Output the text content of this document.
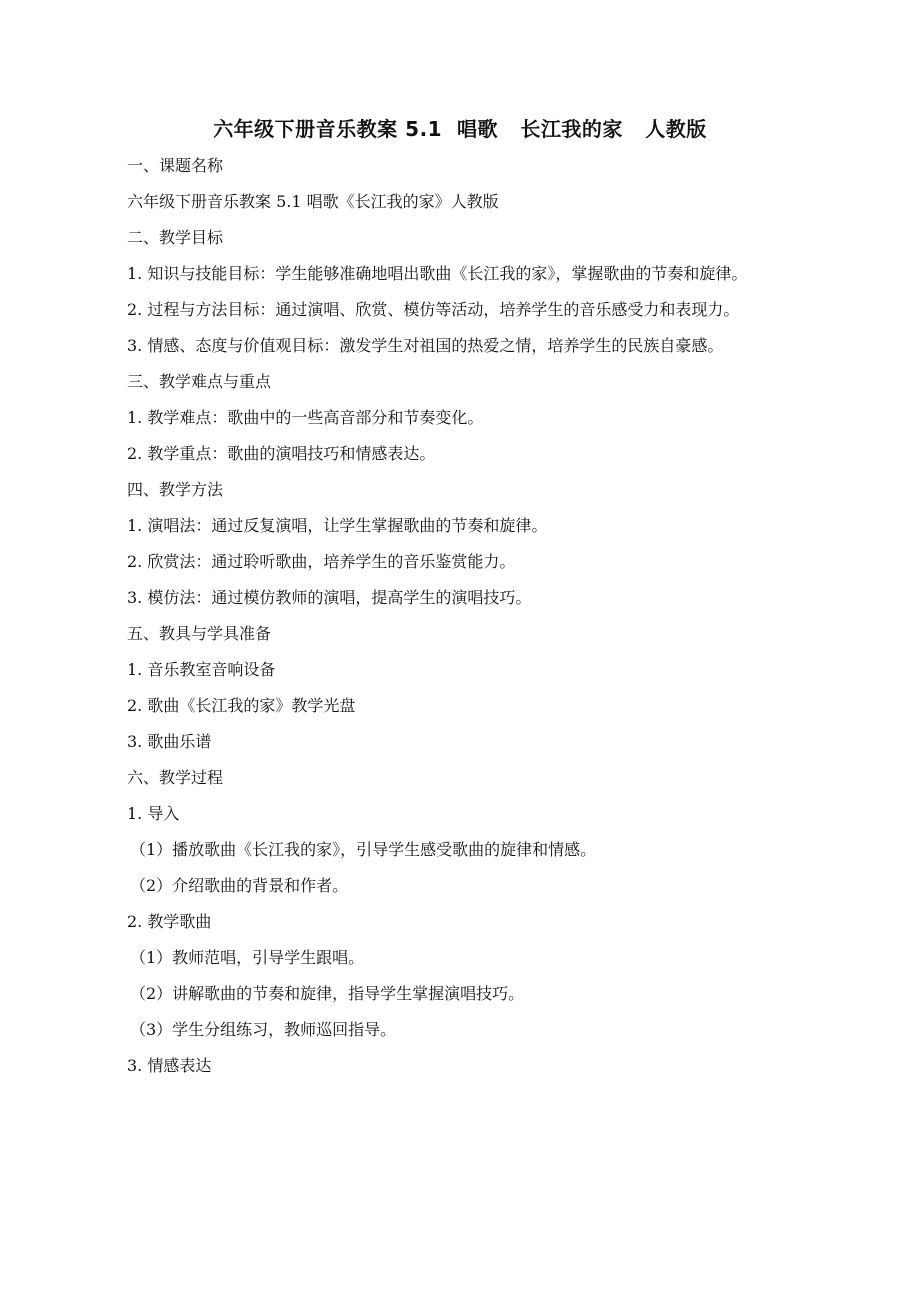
六年级下册音乐教案 5.1  唱歌   长江我的家   人教版
一、课题名称
六年级下册音乐教案 5.1 唱歌《长江我的家》人教版
二、教学目标
1. 知识与技能目标：学生能够准确地唱出歌曲《长江我的家》，掌握歌曲的节奏和旋律。
2. 过程与方法目标：通过演唱、欣赏、模仿等活动，培养学生的音乐感受力和表现力。
3. 情感、态度与价值观目标：激发学生对祖国的热爱之情，培养学生的民族自豪感。
三、教学难点与重点
1. 教学难点：歌曲中的一些高音部分和节奏变化。
2. 教学重点：歌曲的演唱技巧和情感表达。
四、教学方法
1. 演唱法：通过反复演唱，让学生掌握歌曲的节奏和旋律。
2. 欣赏法：通过聆听歌曲，培养学生的音乐鉴赏能力。
3. 模仿法：通过模仿教师的演唱，提高学生的演唱技巧。
五、教具与学具准备
1. 音乐教室音响设备
2. 歌曲《长江我的家》教学光盘
3. 歌曲乐谱
六、教学过程
1. 导入
（1）播放歌曲《长江我的家》，引导学生感受歌曲的旋律和情感。
（2）介绍歌曲的背景和作者。
2. 教学歌曲
（1）教师范唱，引导学生跟唱。
（2）讲解歌曲的节奏和旋律，指导学生掌握演唱技巧。
（3）学生分组练习，教师巡回指导。
3. 情感表达
